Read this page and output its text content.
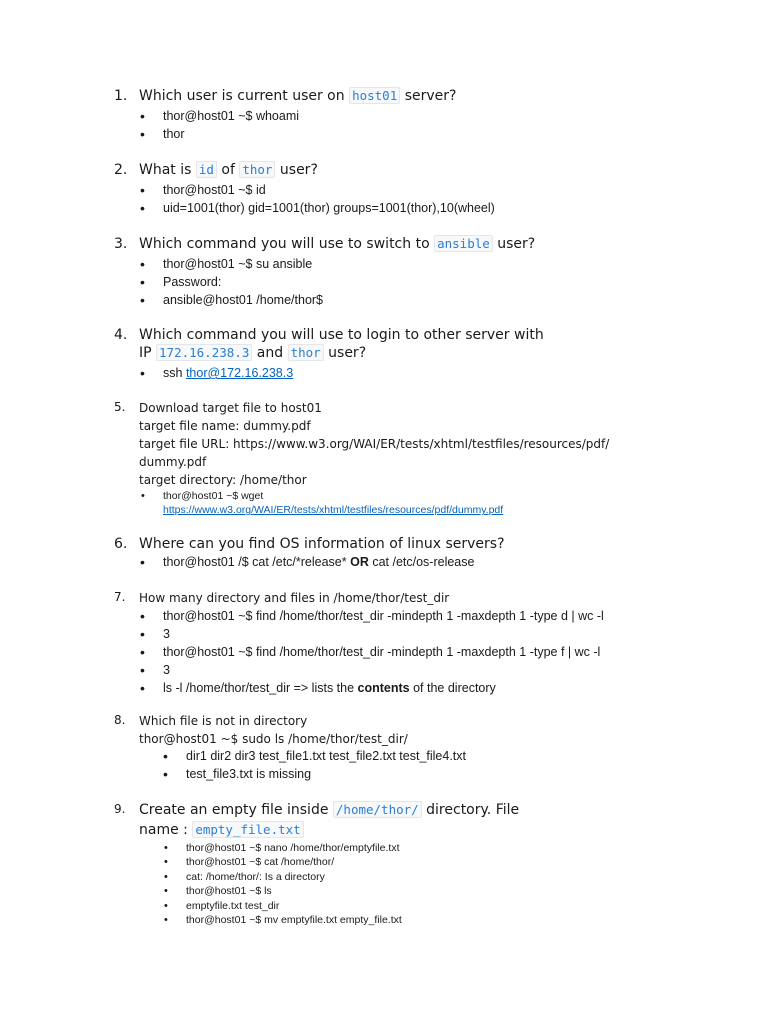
1. Which user is current user on host01 server?
• thor@host01 ~$ whoami
• thor
2. What is id of thor user?
• thor@host01 ~$ id
• uid=1001(thor) gid=1001(thor) groups=1001(thor),10(wheel)
3. Which command you will use to switch to ansible user?
• thor@host01 ~$ su ansible
• Password:
• ansible@host01 /home/thor$
4. Which command you will use to login to other server with
IP 172.16.238.3 and thor user?
• ssh thor@172.16.238.3
5. Download target file to host01
target file name: dummy.pdf
target file URL: https://www.w3.org/WAI/ER/tests/xhtml/testfiles/resources/pdf/
dummy.pdf
target directory: /home/thor
• thor@host01 ~$ wget
https://www.w3.org/WAI/ER/tests/xhtml/testfiles/resources/pdf/dummy.pdf
6. Where can you find OS information of linux servers?
• thor@host01 /$ cat /etc/*release* OR cat /etc/os-release
7. How many directory and files in /home/thor/test_dir
• thor@host01 ~$ find /home/thor/test_dir -mindepth 1 -maxdepth 1 -type d | wc -l
• 3
• thor@host01 ~$ find /home/thor/test_dir -mindepth 1 -maxdepth 1 -type f | wc -l
• 3
• ls -l /home/thor/test_dir => lists the contents of the directory
8. Which file is not in directory
thor@host01 ~$ sudo ls /home/thor/test_dir/
• dir1 dir2 dir3 test_file1.txt test_file2.txt test_file4.txt
• test_file3.txt is missing
9. Create an empty file inside /home/thor/ directory. File
name : empty_file.txt
• thor@host01 ~$ nano /home/thor/emptyfile.txt
• thor@host01 ~$ cat /home/thor/
• cat: /home/thor/: Is a directory
• thor@host01 ~$ ls
• emptyfile.txt test_dir
• thor@host01 ~$ mv emptyfile.txt empty_file.txt
